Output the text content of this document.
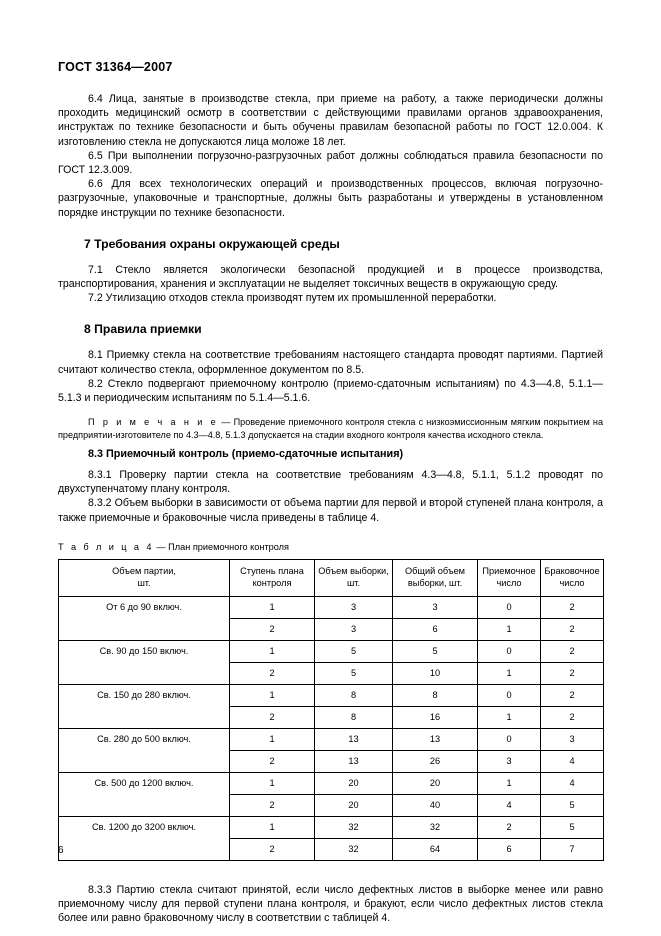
ГОСТ 31364—2007

6.4 Лица, занятые в производстве стекла, при приеме на работу, а также периодически должны проходить медицинский осмотр в соответствии с действующими правилами органов здравоохранения, инструктаж по технике безопасности и быть обучены правилам безопасной работы по ГОСТ 12.0.004. К изготовлению стекла не допускаются лица моложе 18 лет.

6.5 При выполнении погрузочно-разгрузочных работ должны соблюдаться правила безопасности по ГОСТ 12.3.009.

6.6 Для всех технологических операций и производственных процессов, включая погрузочно-разгрузочные, упаковочные и транспортные, должны быть разработаны и утверждены в установленном порядке инструкции по технике безопасности.

7 Требования охраны окружающей среды

7.1 Стекло является экологически безопасной продукцией и в процессе производства, транспортирования, хранения и эксплуатации не выделяет токсичных веществ в окружающую среду.

7.2 Утилизацию отходов стекла производят путем их промышленной переработки.

8 Правила приемки

8.1 Приемку стекла на соответствие требованиям настоящего стандарта проводят партиями. Партией считают количество стекла, оформленное документом по 8.5.

8.2 Стекло подвергают приемочному контролю (приемо-сдаточным испытаниям) по 4.3—4.8, 5.1.1—5.1.3 и периодическим испытаниям по 5.1.4—5.1.6.

П р и м е ч а н и е — Проведение приемочного контроля стекла с низкоэмиссионным мягким покрытием на предприятии-изготовителе по 4.3—4.8, 5.1.3 допускается на стадии входного контроля качества исходного стекла.

8.3 Приемочный контроль (приемо-сдаточные испытания)

8.3.1 Проверку партии стекла на соответствие требованиям 4.3—4.8, 5.1.1, 5.1.2 проводят по двухступенчатому плану контроля.

8.3.2 Объем выборки в зависимости от объема партии для первой и второй ступеней плана контроля, а также приемочные и браковочные числа приведены в таблице 4.

Т а б л и ц а 4 — План приемочного контроля

Объем партии,
шт.	Ступень плана
контроля	Объем выборки,
шт.	Общий объем
выборки, шт.	Приемочное
число	Браковочное
число
От 6 до 90 включ.	1	3	3	0	2
	2	3	6	1	2
Св. 90 до 150 включ.	1	5	5	0	2
	2	5	10	1	2
Св. 150 до 280 включ.	1	8	8	0	2
	2	8	16	1	2
Св. 280 до 500 включ.	1	13	13	0	3
	2	13	26	3	4
Св. 500 до 1200 включ.	1	20	20	1	4
	2	20	40	4	5
Св. 1200 до 3200 включ.	1	32	32	2	5
	2	32	64	6	7

8.3.3 Партию стекла считают принятой, если число дефектных листов в выборке менее или равно приемочному числу для первой ступени плана контроля, и бракуют, если число дефектных листов стекла более или равно браковочному числу в соответствии с таблицей 4.

6
